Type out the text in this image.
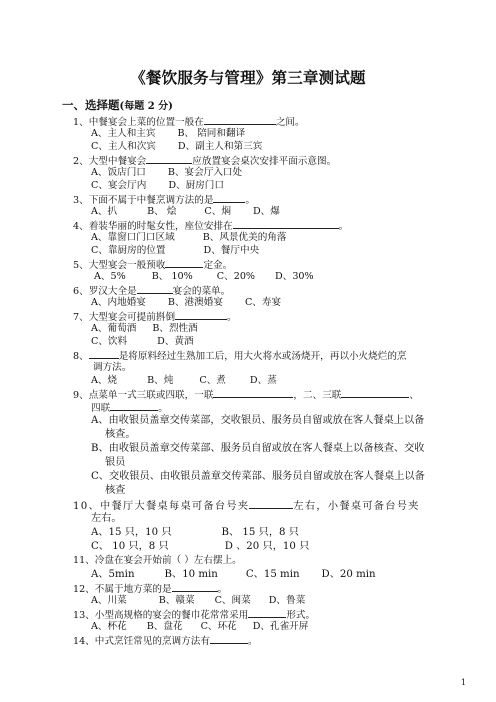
《餐饮服务与管理》第三章测试题
一、选择题(每题 2 分)
1、中餐宴会上菜的位置一般在	之间。
A、主人和主宾 B、 陪同和翻译
C、主人和次宾 D、副主人和第三宾
2、大型中餐宴会	应放置宴会桌次安排平面示意图。
A、饭店门口 B、宴会厅入口处
C、宴会厅内 D、厨房门口
3、下面不属于中餐烹调方法的是	。
A、扒	B、 烩	C、焖 D、爆
4、着装华丽的时髦女性，座位安排在	。
A、靠窗口门口区域	B、风景优美的角落
C、靠厨房的位置	D、餐厅中央
5、大型宴会一般预收	定金。
A、5%	B、 10%	C、20% D、30%
6、罗汉大全是	宴会的菜单。
A、内地婚宴 B、港澳婚宴 C、寿宴
7、大型宴会可提前斟倒	。
A、葡萄酒 B、烈性酒
C、饮料	D、黄酒
8、	是将原料经过生熟加工后，用大火将水或汤烧开，再以小火烧烂的烹
调方法。
A、烧	B、炖	C、煮	D、蒸
9、点菜单一式三联或四联，一联	，二、三联	、
四联	。
A、由收银员盖章交传菜部，交收银员、服务员自留或放在客人餐桌上以备
核查。
B、由收银员盖章交传菜部、服务员自留或放在客人餐桌上以备核查、交收
银员
C、交收银员、由收银员盖章交传菜部、服务员自留或放在客人餐桌上以备
核查
10、中餐厅大餐桌每桌可备台号夹	左右，小餐桌可备台号夹
左右。
A、15 只，10 只	B、 15 只，8 只
C、 10 只，8 只	D 、20 只，10 只
11、冷盘在宴会开始前（ ）左右摆上。
A、5min	B、10 min	C、15 min D、20 min
12、不属于地方菜的是	。
A、川菜	B、赣菜 C、闽菜 D、鲁菜
13、小型高规格的宴会的餐巾花常常采用	形式。
A、杯花 B、盘花 C、环花 D、孔雀开屏
14、中式烹饪常见的烹调方法有	。
1
